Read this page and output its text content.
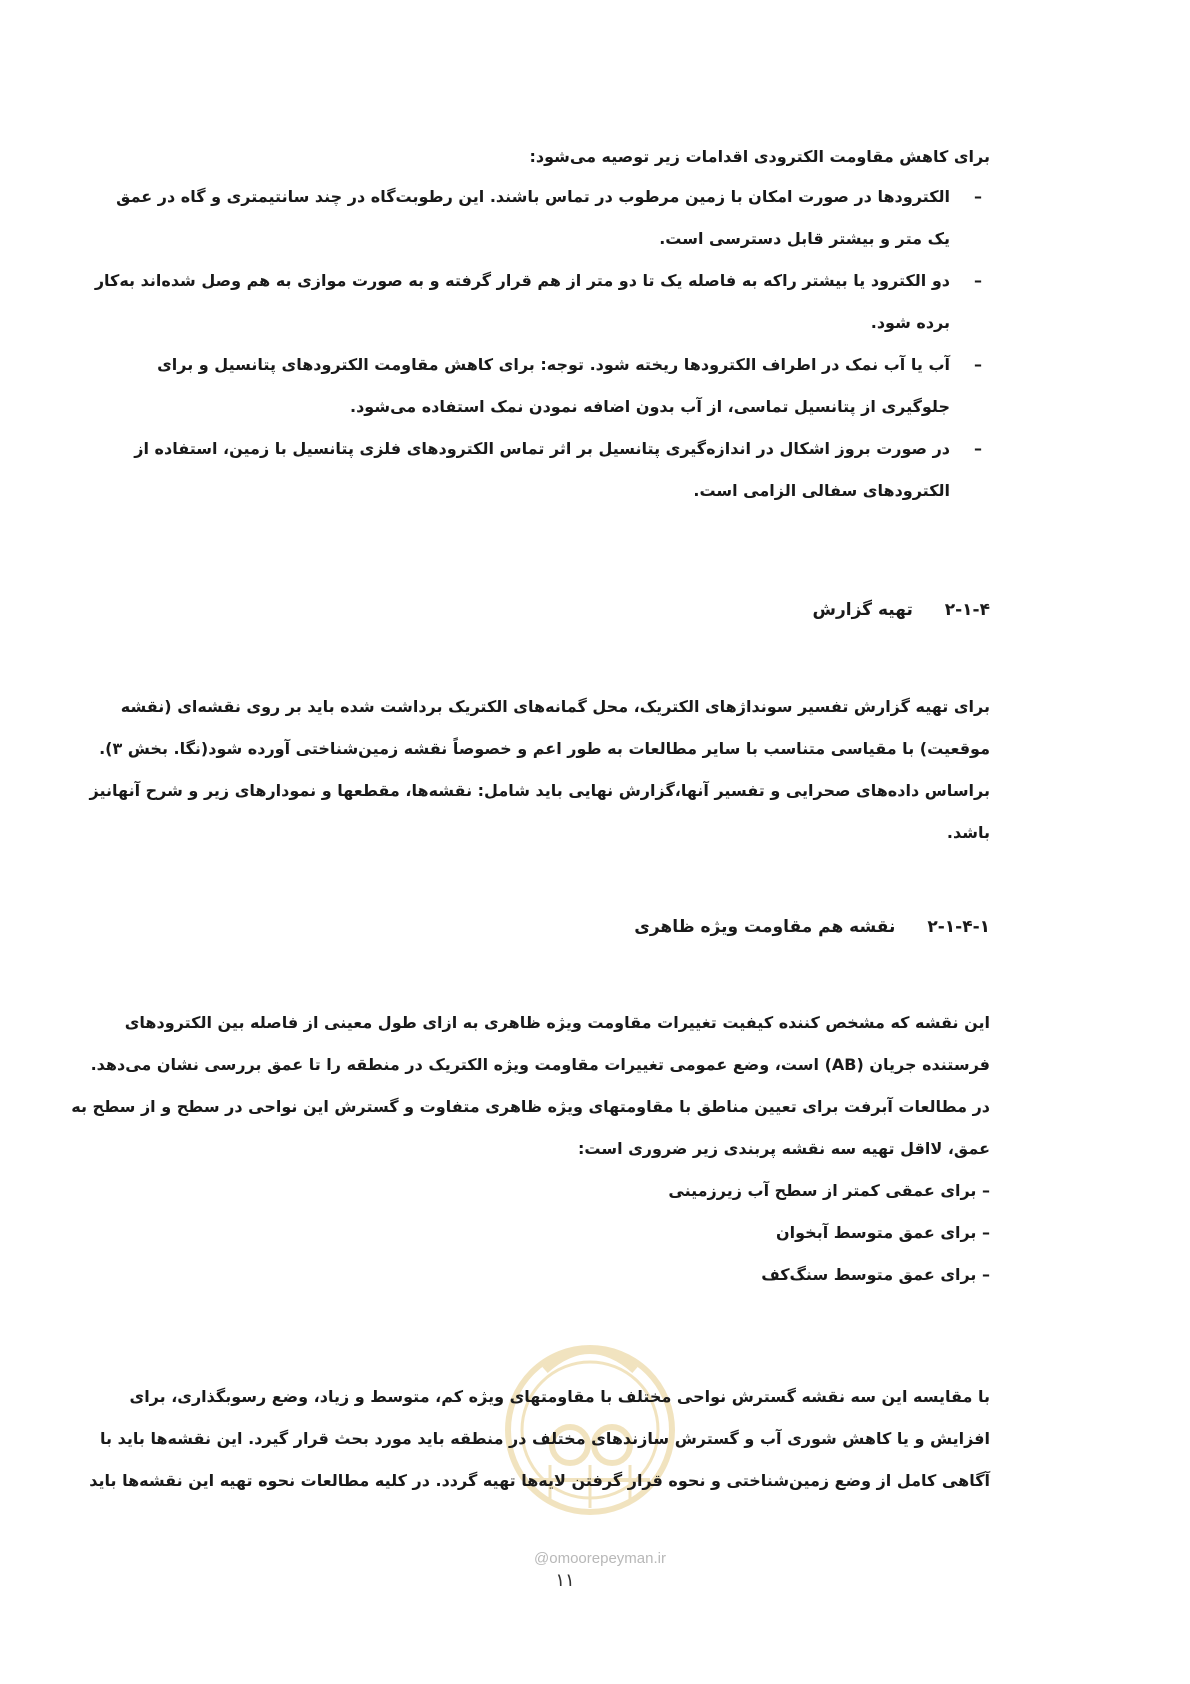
برای کاهش مقاومت الکترودی اقدامات زیر توصیه می‌شود:
–
الکترودها در صورت امکان با زمین مرطوب در تماس باشند. این رطوبت‌گاه در چند سانتیمتری و گاه در عمق
یک متر و بیشتر قابل دسترسی است.
–
دو الکترود یا بیشتر راکه به فاصله یک تا دو متر از هم قرار گرفته و به صورت موازی به هم وصل شده‌اند به‌کار
برده شود.
–
آب یا آب نمک در اطراف الکترودها ریخته شود. توجه: برای کاهش مقاومت الکترودهای پتانسیل و برای
جلوگیری از پتانسیل تماسی، از آب بدون اضافه نمودن نمک استفاده می‌شود.
–
در صورت بروز اشکال در اندازه‌گیری پتانسیل بر اثر تماس الکترودهای فلزی پتانسیل با زمین، استفاده از
الکترودهای سفالی الزامی است.
۲-۱-۴ تهیه گزارش
برای تهیه گزارش تفسیر سونداژهای الکتریک، محل گمانه‌های الکتریک برداشت شده باید بر روی نقشه‌ای (نقشه
موقعیت) با مقیاسی متناسب با سایر مطالعات به طور اعم و خصوصاً نقشه زمین‌شناختی آورده شود(نگا. بخش ۳).
براساس داده‌های صحرایی و تفسیر آنها،گزارش نهایی باید شامل: نقشه‌ها، مقطعها و نمودارهای زیر و شرح آنهانیز
باشد.
۲-۱-۴-۱ نقشه هم مقاومت ویژه ظاهری
این نقشه که مشخص کننده کیفیت تغییرات مقاومت ویژه ظاهری به ازای طول معینی از فاصله بین الکترودهای
فرستنده جریان (AB) است، وضع عمومی تغییرات مقاومت ویژه الکتریک در منطقه را تا عمق بررسی نشان می‌دهد.
در مطالعات آبرفت برای تعیین مناطق با مقاومتهای ویژه ظاهری متفاوت و گسترش این نواحی در سطح و از سطح به
عمق، لااقل تهیه سه نقشه پربندی زیر ضروری است:
– برای عمقی کمتر از سطح آب زیرزمینی
– برای عمق متوسط آبخوان
– برای عمق متوسط سنگ‌کف
با مقایسه این سه نقشه گسترش نواحی مختلف با مقاومتهای ویژه کم، متوسط و زیاد، وضع رسوبگذاری، برای
افزایش و یا کاهش شوری آب و گسترش سازندهای مختلف در منطقه باید مورد بحث قرار گیرد. این نقشه‌ها باید با
آگاهی کامل از وضع زمین‌شناختی و نحوه قرار گرفتن لایه‌ها تهیه گردد. در کلیه مطالعات نحوه تهیه این نقشه‌ها باید
@omoorepeyman.ir
۱۱
